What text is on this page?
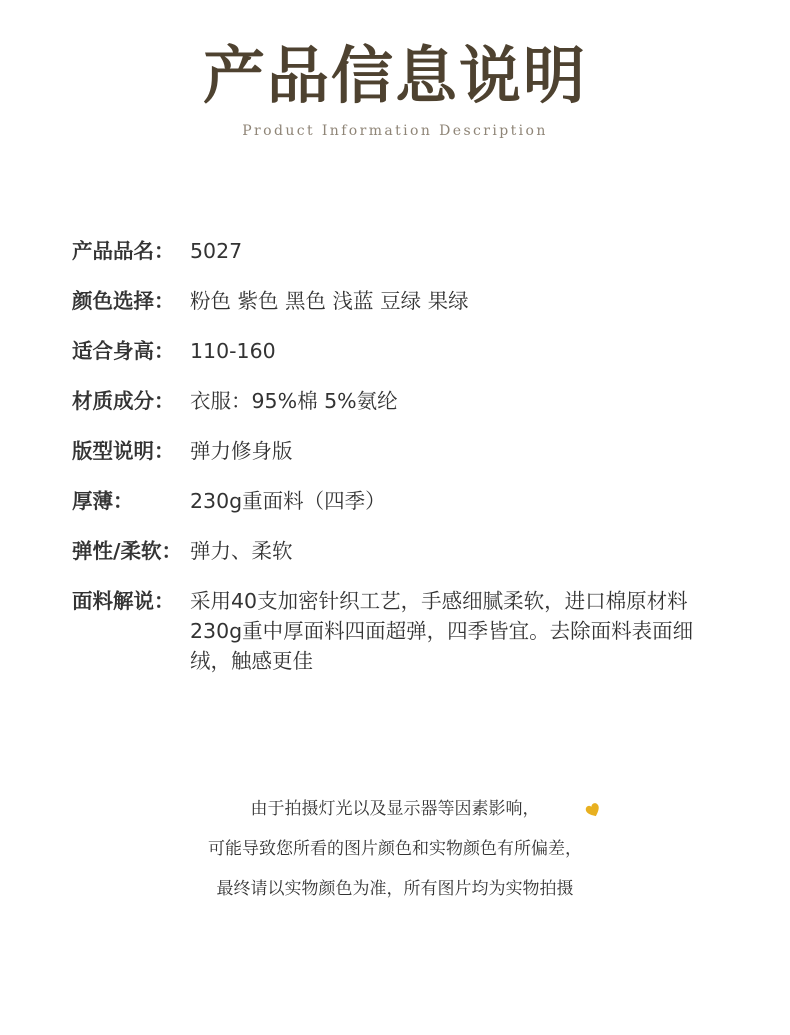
产品信息说明
Product Information Description
产品品名： 5027
颜色选择： 粉色 紫色 黑色 浅蓝 豆绿 果绿
适合身高： 110-160
材质成分： 衣服：95%棉 5%氨纶
版型说明： 弹力修身版
厚薄：	230g重面料（四季）
弹性/柔软： 弹力、柔软
面料解说： 采用40支加密针织工艺，手感细腻柔软，进口棉原材料
230g重中厚面料四面超弹，四季皆宜。去除面料表面细
绒，触感更佳
由于拍摄灯光以及显示器等因素影响，
可能导致您所看的图片颜色和实物颜色有所偏差，
最终请以实物颜色为准，所有图片均为实物拍摄
